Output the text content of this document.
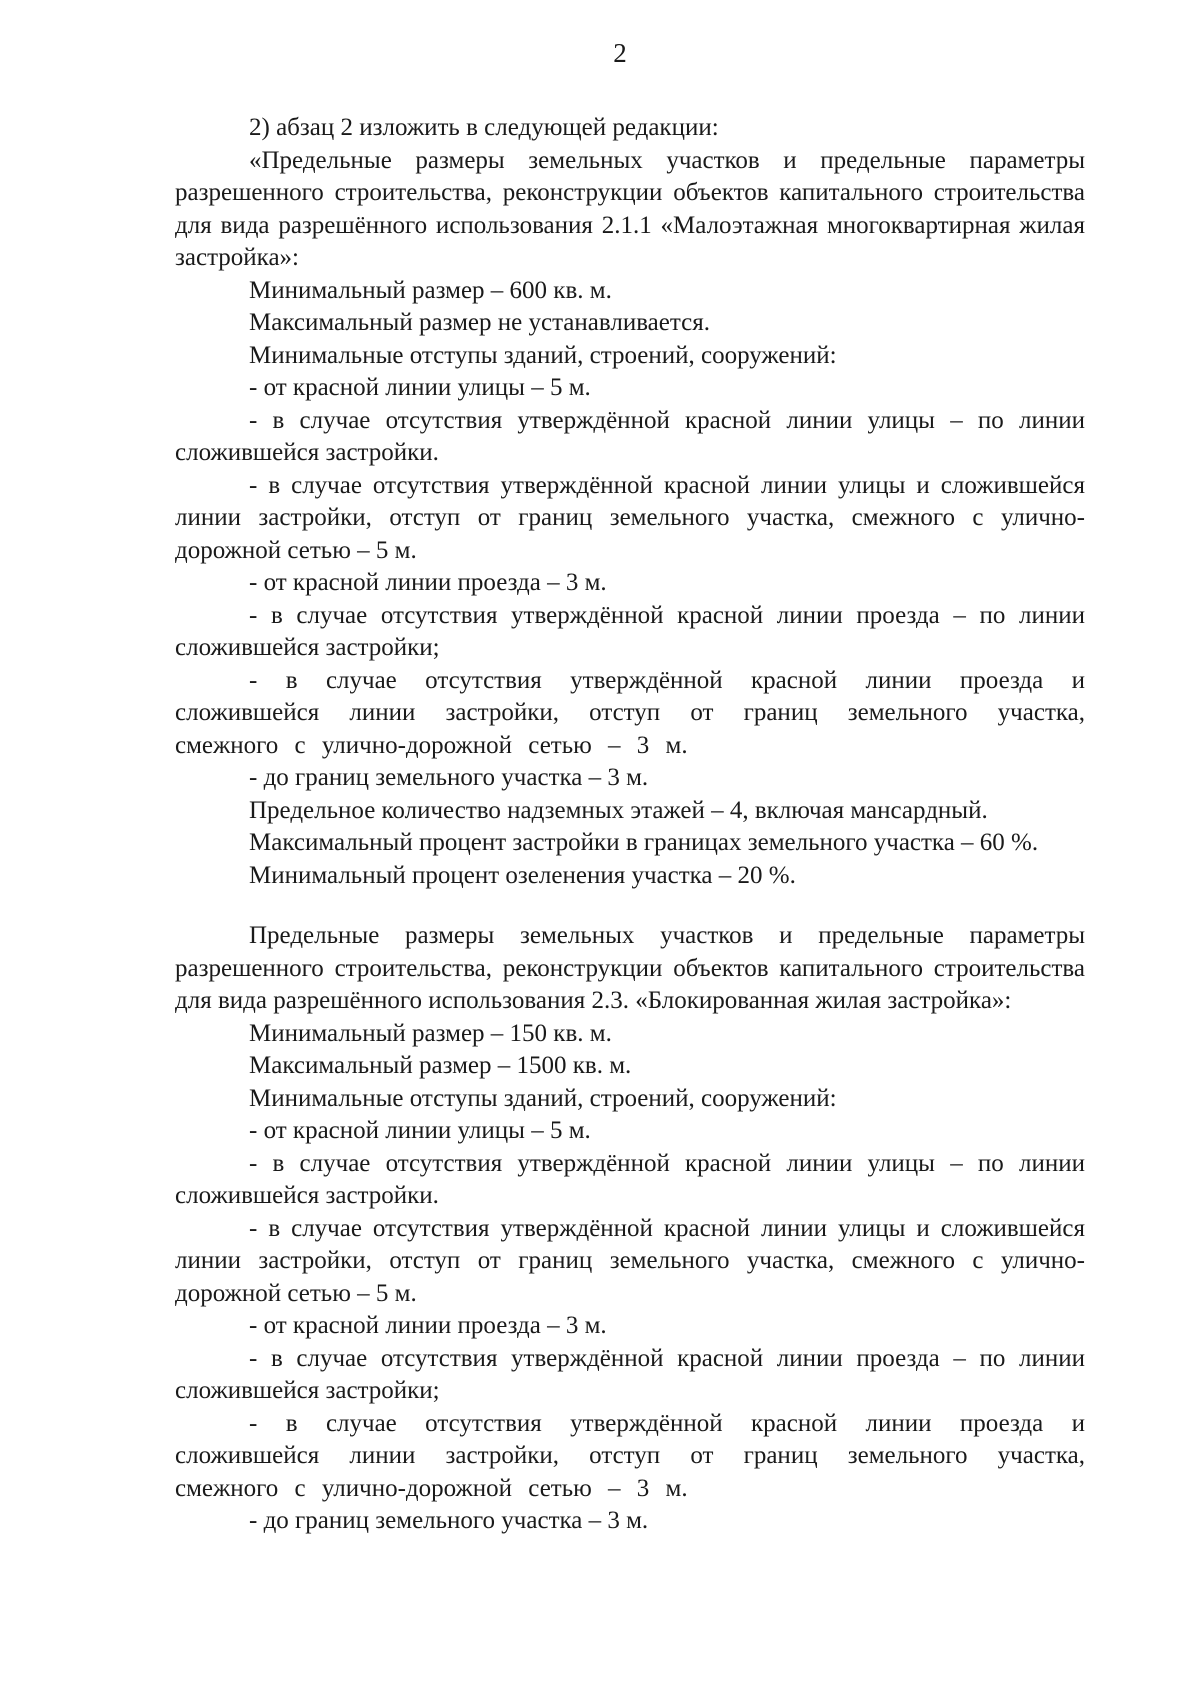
2

2) абзац 2 изложить в следующей редакции:

«Предельные размеры земельных участков и предельные параметры разрешенного строительства, реконструкции объектов капитального строительства для вида разрешённого использования 2.1.1 «Малоэтажная многоквартирная жилая застройка»:

Минимальный размер – 600 кв. м.

Максимальный размер не устанавливается.

Минимальные отступы зданий, строений, сооружений:

- от красной линии улицы – 5 м.

- в случае отсутствия утверждённой красной линии улицы – по линии сложившейся застройки.

- в случае отсутствия утверждённой красной линии улицы и сложившейся линии застройки, отступ от границ земельного участка, смежного с улично-дорожной сетью – 5 м.

- от красной линии проезда – 3 м.

- в случае отсутствия утверждённой красной линии проезда – по линии сложившейся застройки;

- в случае отсутствия утверждённой красной линии проезда и сложившейся линии застройки, отступ от границ земельного участка, смежного с улично-дорожной сетью – 3 м.

- до границ земельного участка – 3 м.

Предельное количество надземных этажей – 4, включая мансардный.

Максимальный процент застройки в границах земельного участка – 60 %.

Минимальный процент озеленения участка – 20 %.

Предельные размеры земельных участков и предельные параметры разрешенного строительства, реконструкции объектов капитального строительства для вида разрешённого использования 2.3. «Блокированная жилая застройка»:

Минимальный размер – 150 кв. м.

Максимальный размер – 1500 кв. м.

Минимальные отступы зданий, строений, сооружений:

- от красной линии улицы – 5 м.

- в случае отсутствия утверждённой красной линии улицы – по линии сложившейся застройки.

- в случае отсутствия утверждённой красной линии улицы и сложившейся линии застройки, отступ от границ земельного участка, смежного с улично-дорожной сетью – 5 м.

- от красной линии проезда – 3 м.

- в случае отсутствия утверждённой красной линии проезда – по линии сложившейся застройки;

- в случае отсутствия утверждённой красной линии проезда и сложившейся линии застройки, отступ от границ земельного участка, смежного с улично-дорожной сетью – 3 м.

- до границ земельного участка – 3 м.
